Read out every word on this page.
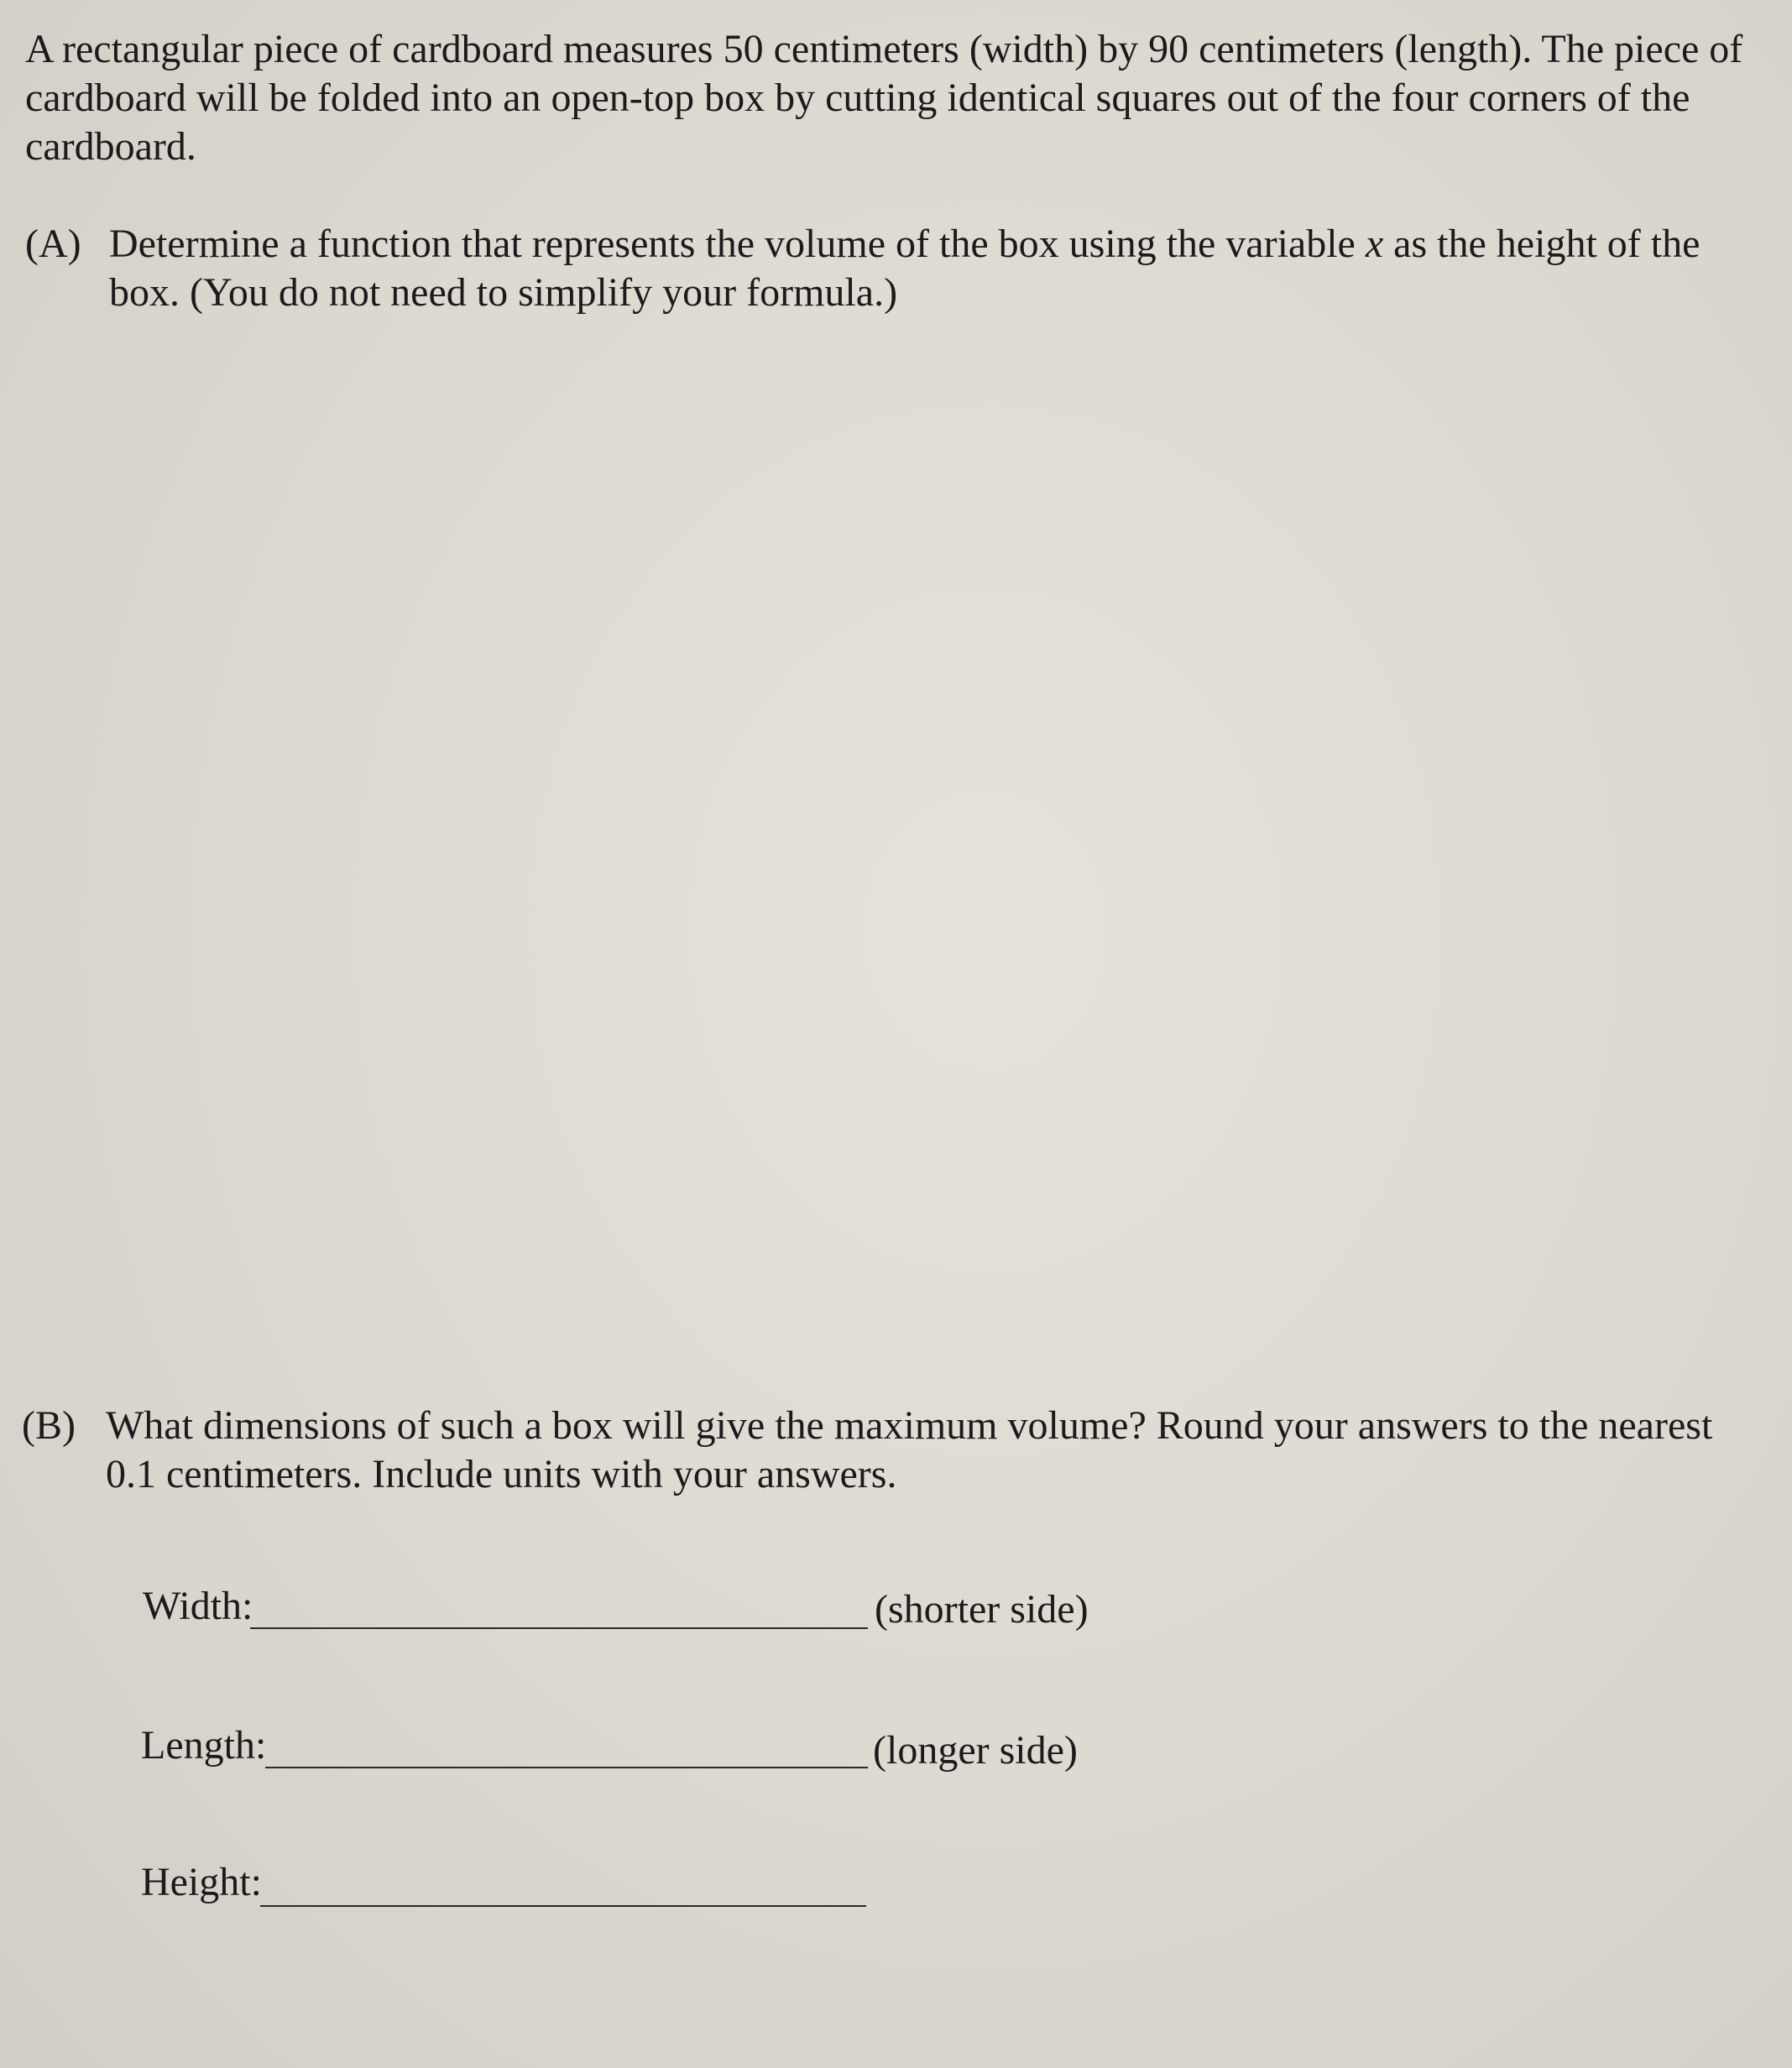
A rectangular piece of cardboard measures 50 centimeters (width) by 90 centimeters (length). The piece of cardboard will be folded into an open-top box by cutting identical squares out of the four corners of the cardboard.

(A) Determine a function that represents the volume of the box using the variable x as the height of the box. (You do not need to simplify your formula.)
(B) What dimensions of such a box will give the maximum volume? Round your answers to the nearest 0.1 centimeters. Include units with your answers.
Width:	(shorter side)
Length:	(longer side)
Height:
